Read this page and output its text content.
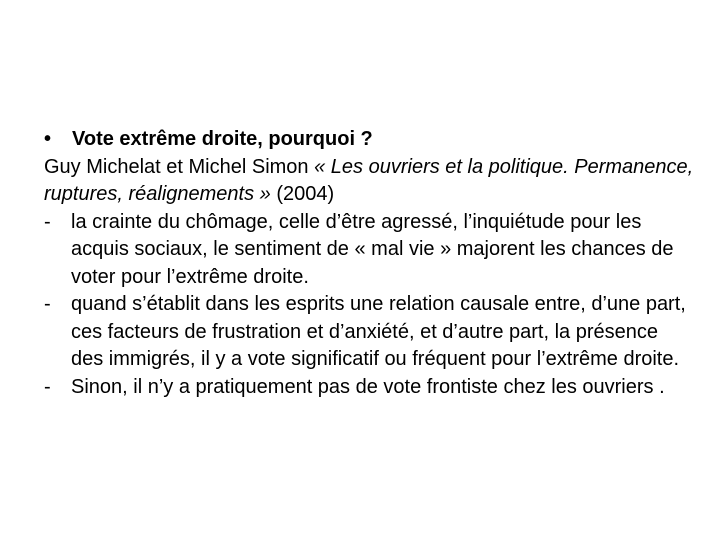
•	Vote extrême droite, pourquoi ?

Guy Michelat et Michel Simon « Les ouvriers et la politique. Permanence, ruptures, réalignements » (2004)

- la crainte du chômage, celle d’être agressé, l’inquiétude pour les acquis sociaux, le sentiment de « mal vie » majorent les chances de voter pour l’extrême droite.
- quand s’établit dans les esprits une relation causale entre, d’une part, ces facteurs de frustration et d’anxiété, et d’autre part, la présence des immigrés, il y a vote significatif ou fréquent pour l’extrême droite.
- Sinon, il n’y a pratiquement pas de vote frontiste chez les ouvriers .
